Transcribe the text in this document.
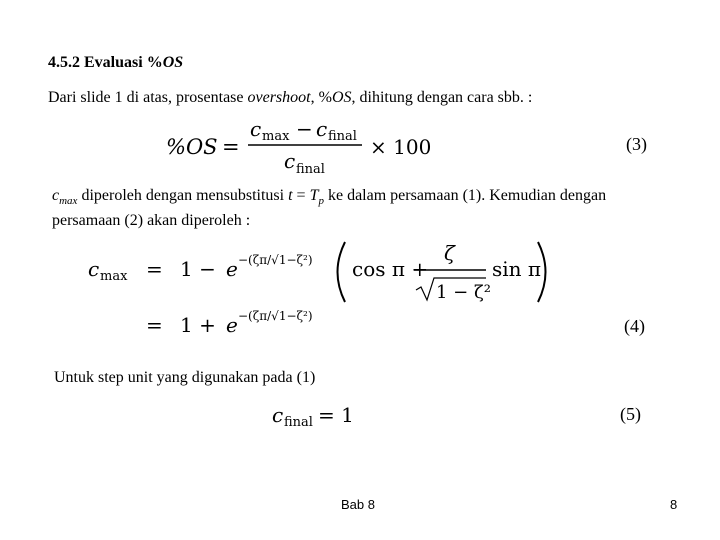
4.5.2 Evaluasi %OS
Dari slide 1 di atas, prosentase overshoot, %OS, dihitung dengan cara sbb. :
%OS =
c max − c final
c final
× 100	(3)
$c_{max}$ diperoleh dengan mensubstitusi $t = T_p$ ke dalam persamaan (1). Kemudian dengan
persamaan (2) akan diperoleh :
c max = 1 − e −(ζπ/√1−ζ²) cos π +
ζ
1 − ζ²
sin π
= 1 + e −(ζπ/√1−ζ²)	(4)
Untuk step unit yang digunakan pada (1)
c final = 1	(5)
Bab 8	8
